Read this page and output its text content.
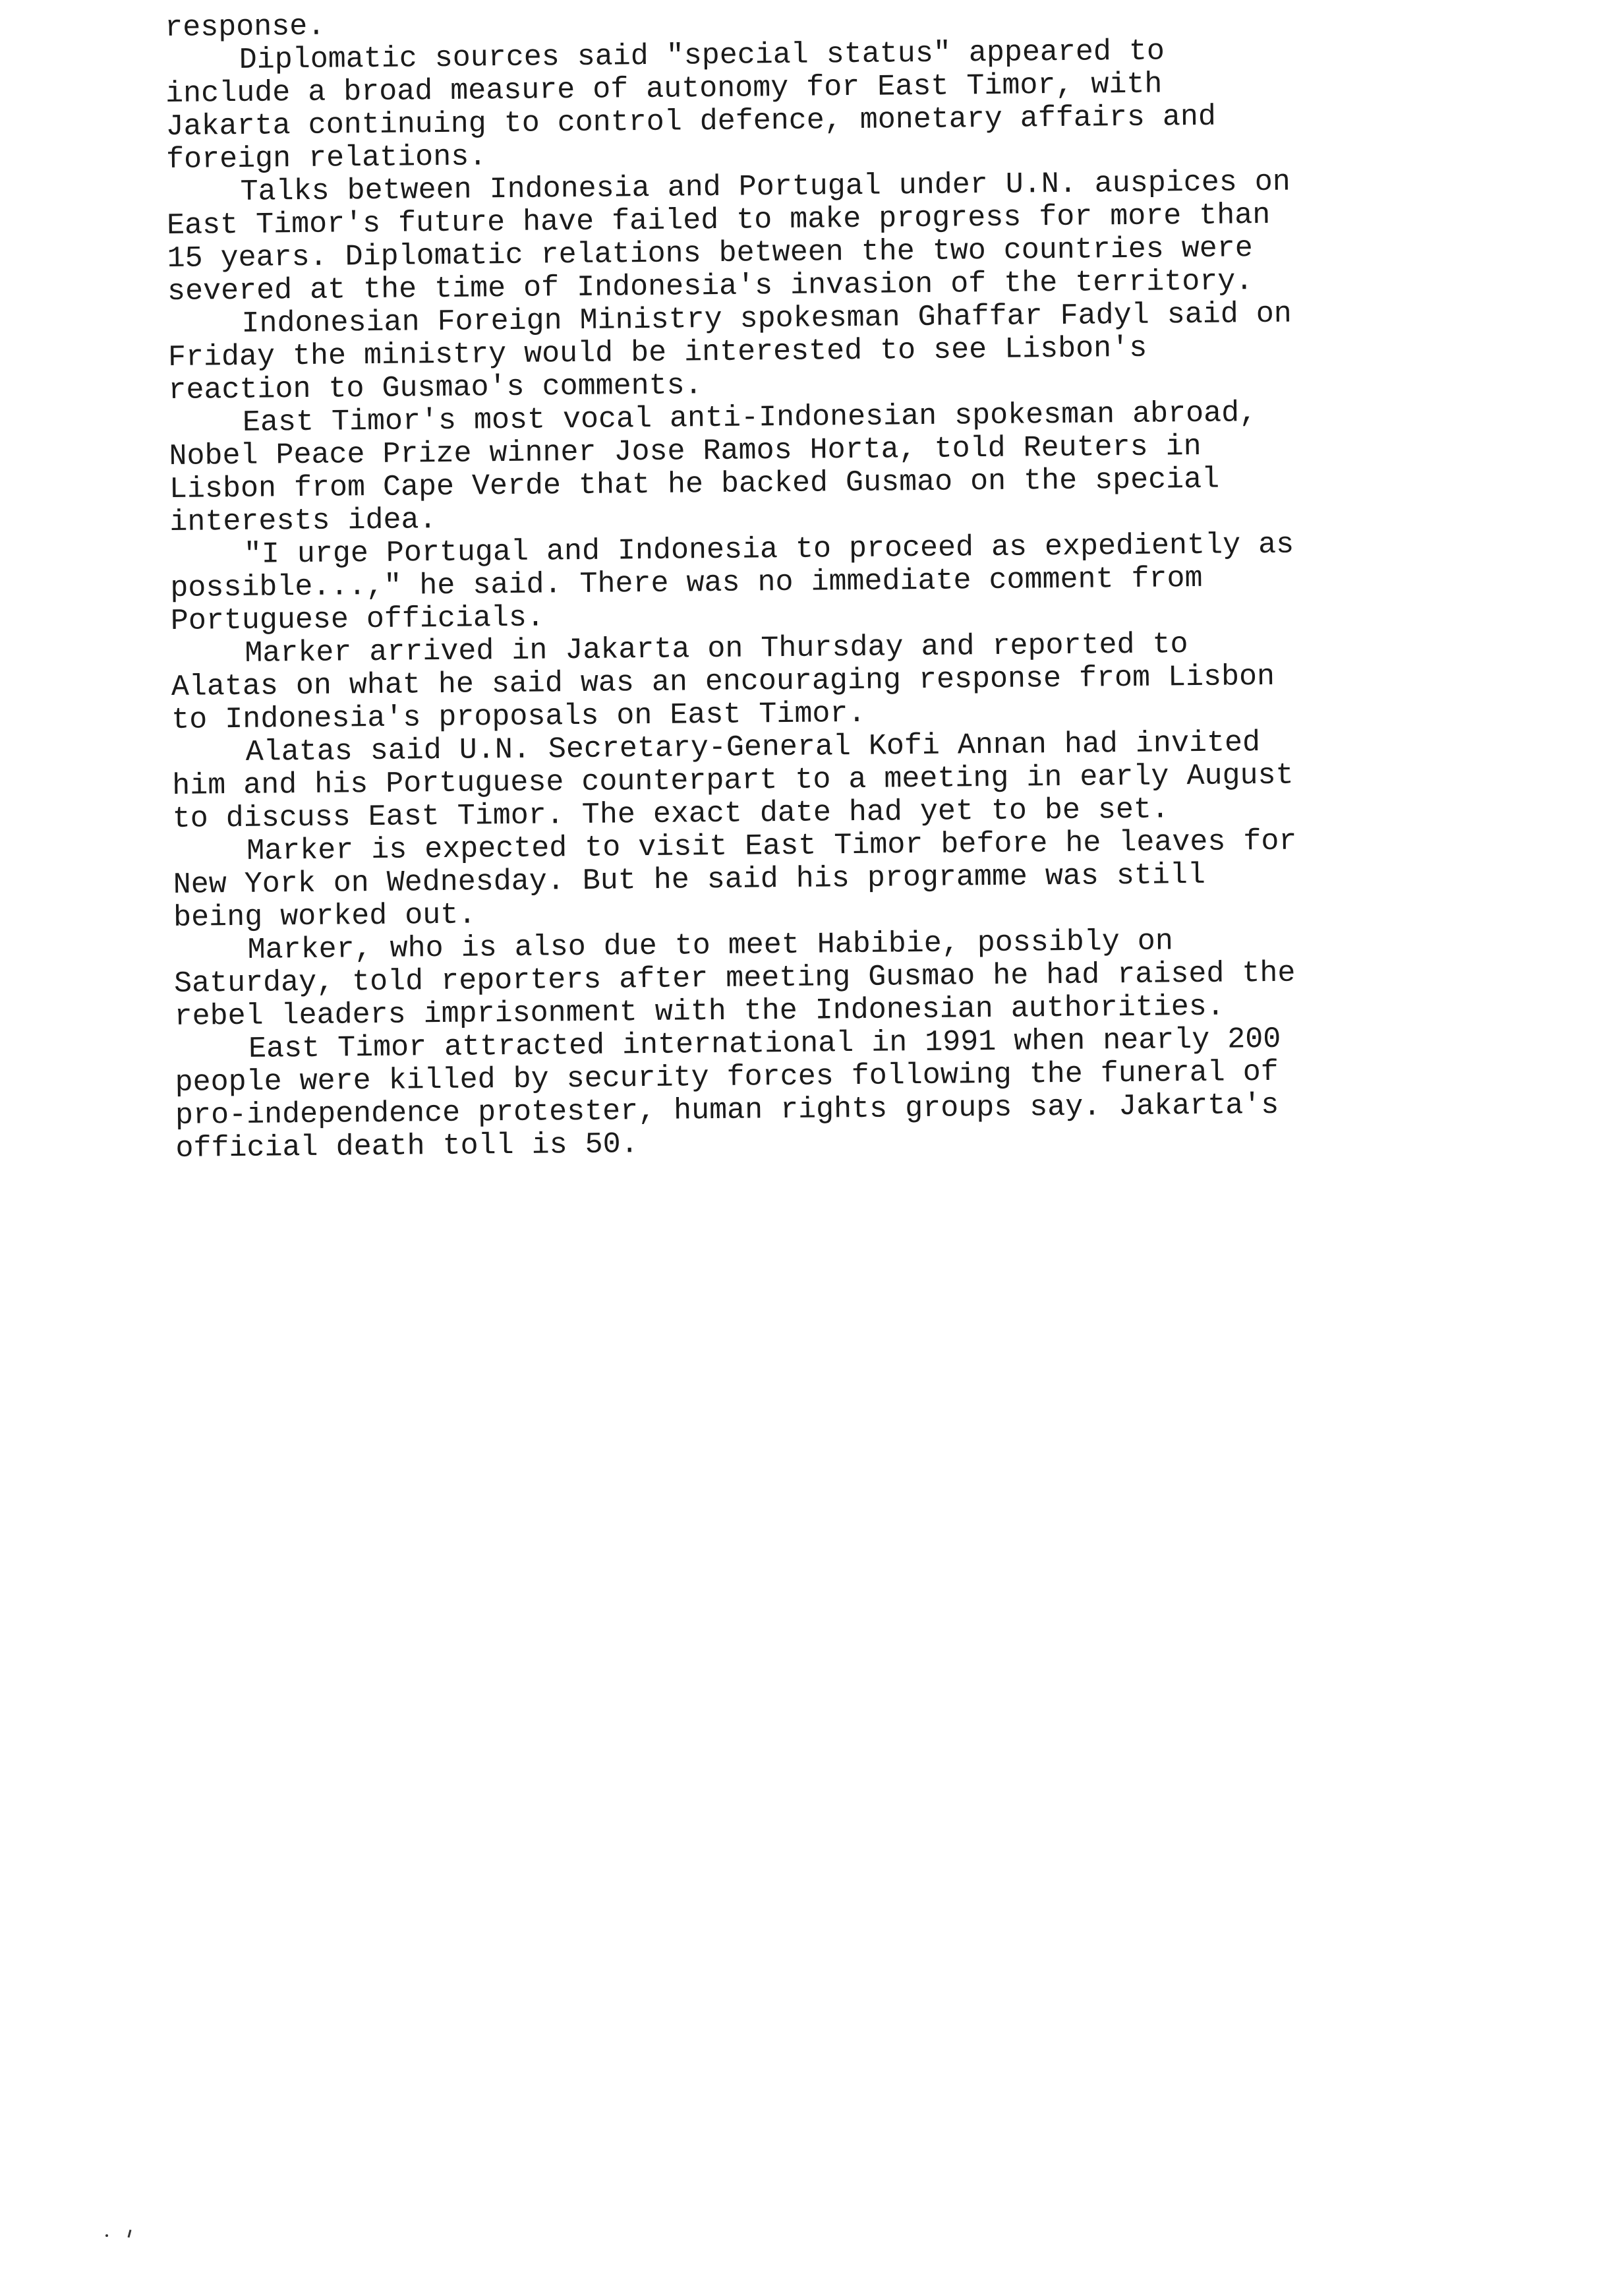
response.
Diplomatic sources said "special status" appeared to
include a broad measure of autonomy for East Timor, with
Jakarta continuing to control defence, monetary affairs and
foreign relations.
Talks between Indonesia and Portugal under U.N. auspices on
East Timor's future have failed to make progress for more than
15 years. Diplomatic relations between the two countries were
severed at the time of Indonesia's invasion of the territory.
Indonesian Foreign Ministry spokesman Ghaffar Fadyl said on
Friday the ministry would be interested to see Lisbon's
reaction to Gusmao's comments.
East Timor's most vocal anti-Indonesian spokesman abroad,
Nobel Peace Prize winner Jose Ramos Horta, told Reuters in
Lisbon from Cape Verde that he backed Gusmao on the special
interests idea.
"I urge Portugal and Indonesia to proceed as expediently as
possible...," he said. There was no immediate comment from
Portuguese officials.
Marker arrived in Jakarta on Thursday and reported to
Alatas on what he said was an encouraging response from Lisbon
to Indonesia's proposals on East Timor.
Alatas said U.N. Secretary-General Kofi Annan had invited
him and his Portuguese counterpart to a meeting in early August
to discuss East Timor. The exact date had yet to be set.
Marker is expected to visit East Timor before he leaves for
New York on Wednesday. But he said his programme was still
being worked out.
Marker, who is also due to meet Habibie, possibly on
Saturday, told reporters after meeting Gusmao he had raised the
rebel leaders imprisonment with the Indonesian authorities.
East Timor attracted international in 1991 when nearly 200
people were killed by security forces following the funeral of
pro-independence protester, human rights groups say. Jakarta's
official death toll is 50.
